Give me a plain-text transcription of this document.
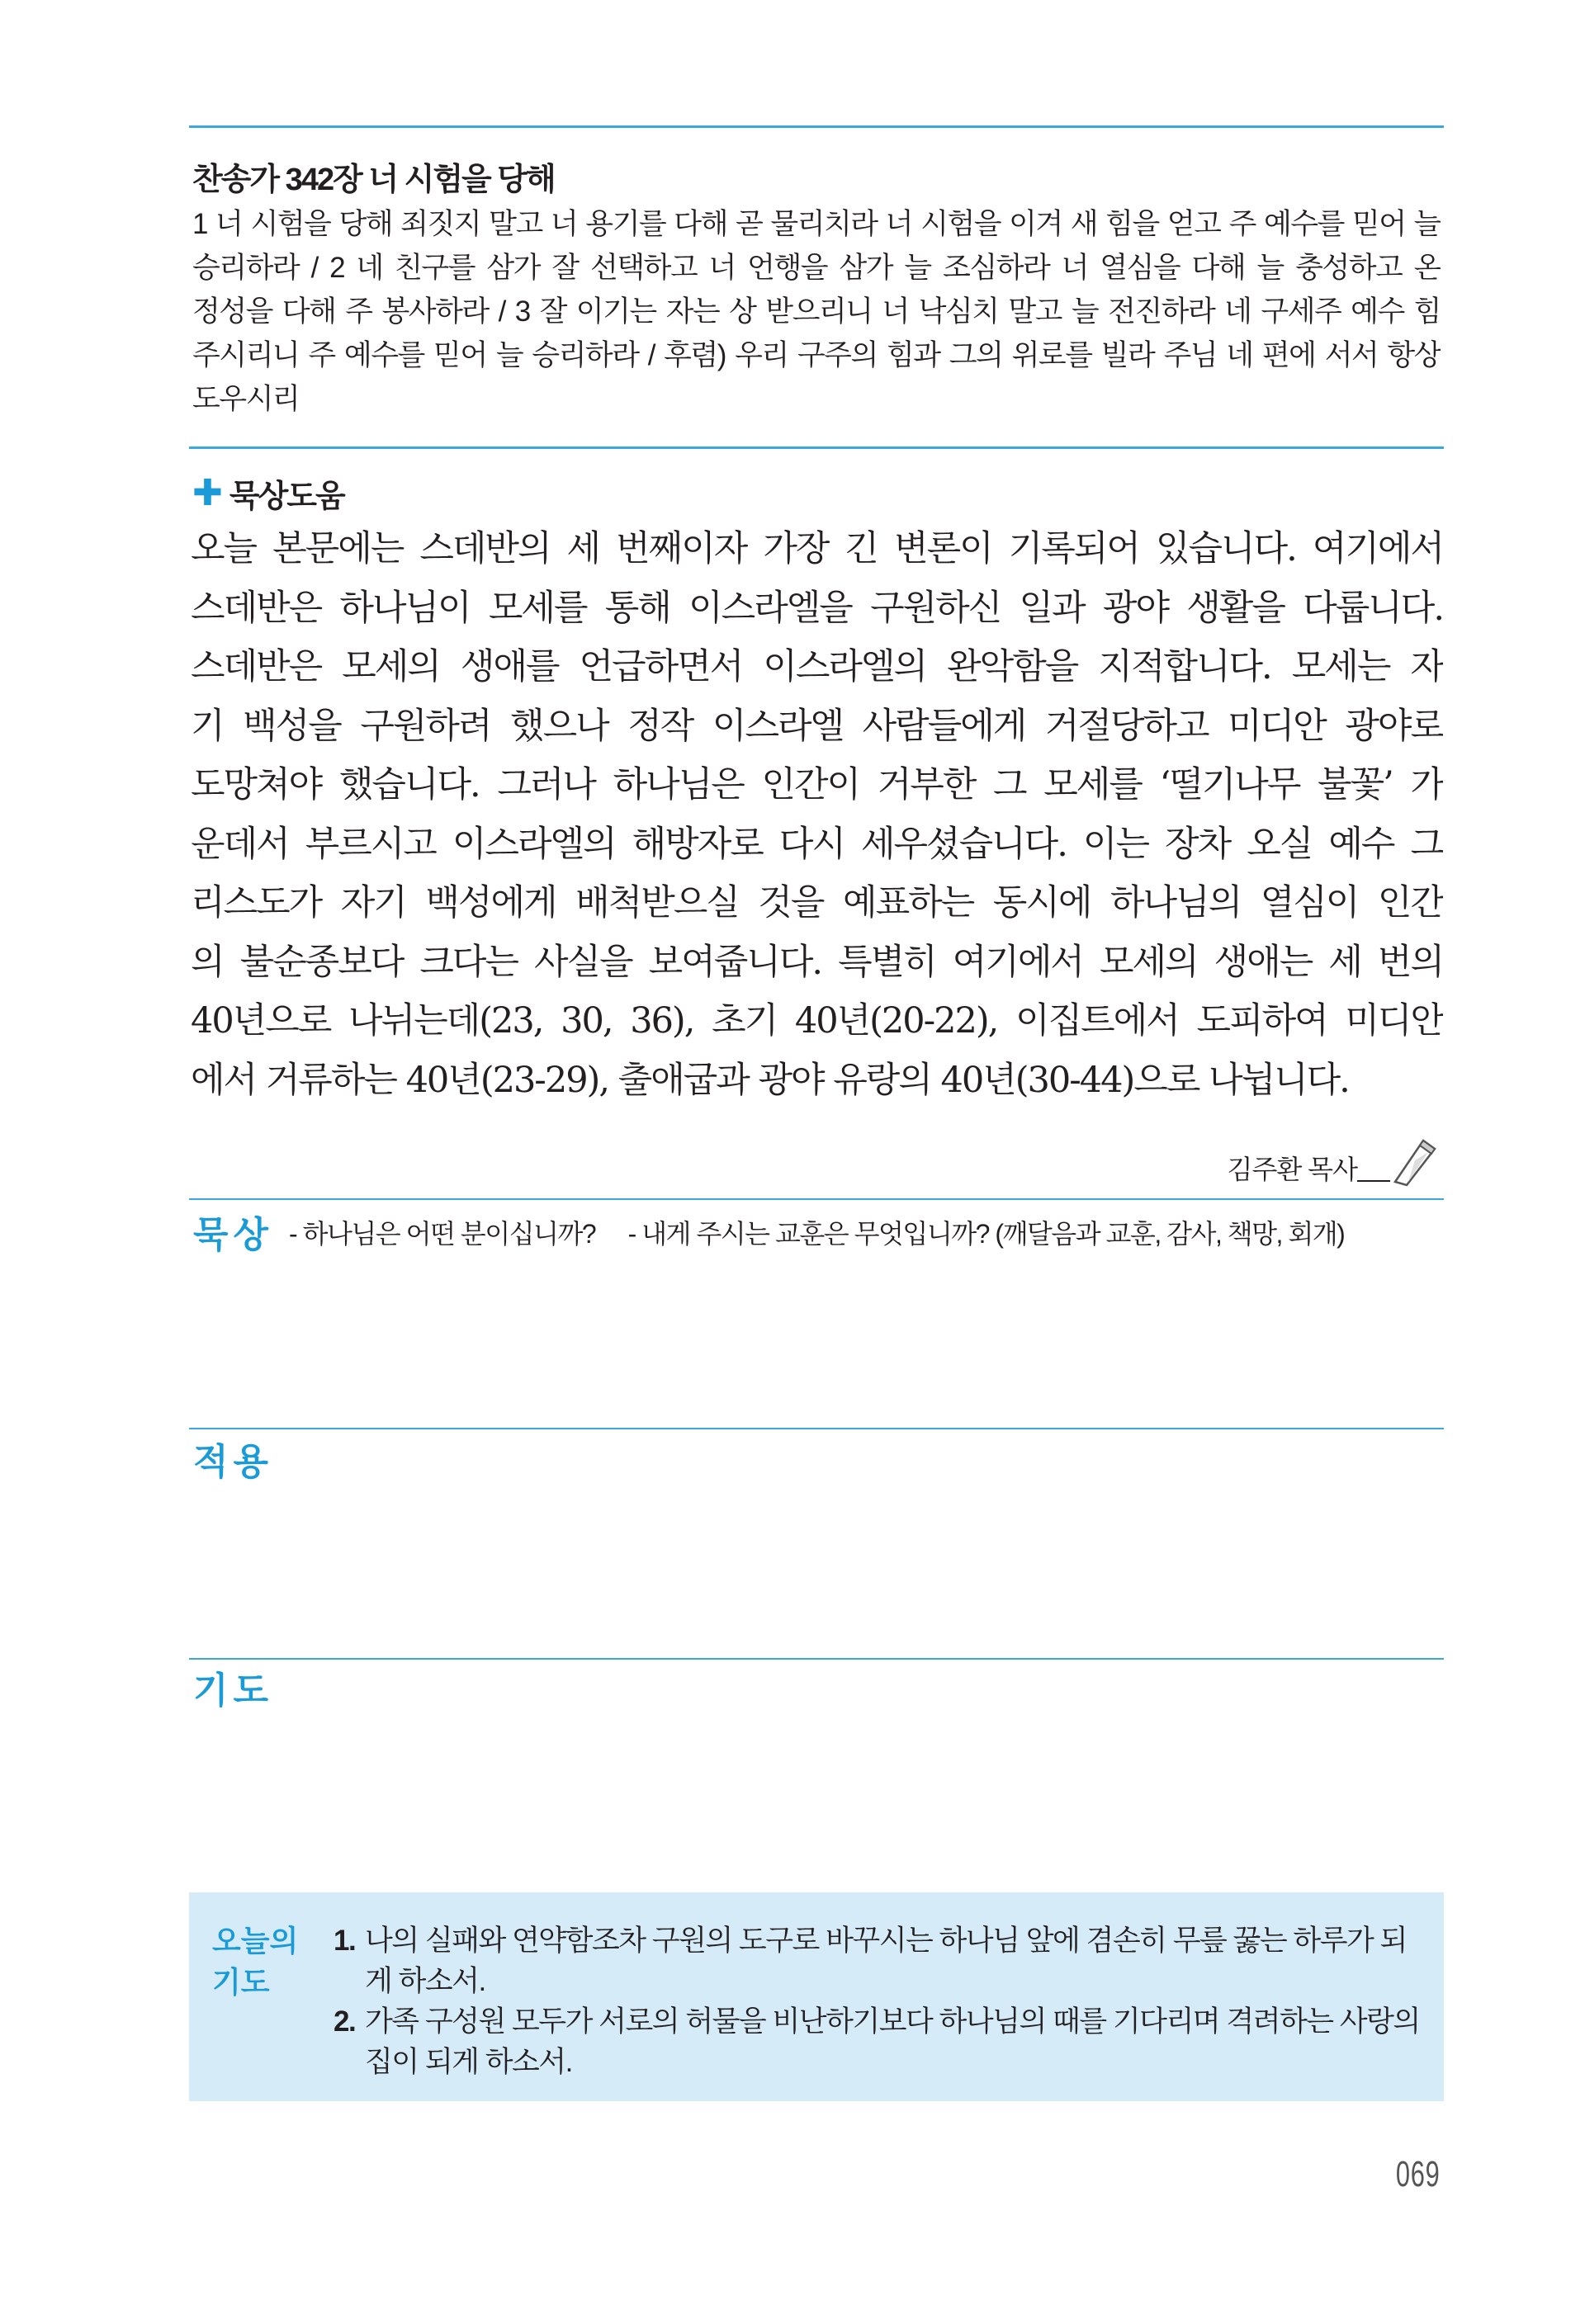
찬송가 342장 너 시험을 당해
1 너 시험을 당해 죄짓지 말고 너 용기를 다해 곧 물리치라 너 시험을 이겨 새 힘을 얻고 주 예수를 믿어 늘
승리하라 / 2 네 친구를 삼가 잘 선택하고 너 언행을 삼가 늘 조심하라 너 열심을 다해 늘 충성하고 온
정성을 다해 주 봉사하라 / 3 잘 이기는 자는 상 받으리니 너 낙심치 말고 늘 전진하라 네 구세주 예수 힘
주시리니 주 예수를 믿어 늘 승리하라 / 후렴) 우리 구주의 힘과 그의 위로를 빌라 주님 네 편에 서서 항상
도우시리
✚ 묵상도움
오늘 본문에는 스데반의 세 번째이자 가장 긴 변론이 기록되어 있습니다. 여기에서
스데반은 하나님이 모세를 통해 이스라엘을 구원하신 일과 광야 생활을 다룹니다.
스데반은 모세의 생애를 언급하면서 이스라엘의 완악함을 지적합니다. 모세는 자
기 백성을 구원하려 했으나 정작 이스라엘 사람들에게 거절당하고 미디안 광야로
도망쳐야 했습니다. 그러나 하나님은 인간이 거부한 그 모세를 ‘떨기나무 불꽃’ 가
운데서 부르시고 이스라엘의 해방자로 다시 세우셨습니다. 이는 장차 오실 예수 그
리스도가 자기 백성에게 배척받으실 것을 예표하는 동시에 하나님의 열심이 인간
의 불순종보다 크다는 사실을 보여줍니다. 특별히 여기에서 모세의 생애는 세 번의
40년으로 나뉘는데(23, 30, 36), 초기 40년(20-22), 이집트에서 도피하여 미디안
에서 거류하는 40년(23-29), 출애굽과 광야 유랑의 40년(30-44)으로 나뉩니다.
김주환 목사
묵상 - 하나님은 어떤 분이십니까? - 내게 주시는 교훈은 무엇입니까? (깨달음과 교훈, 감사, 책망, 회개)
적용
기도
오늘의 기도
1. 나의 실패와 연약함조차 구원의 도구로 바꾸시는 하나님 앞에 겸손히 무릎 꿇는 하루가 되게 하소서.
2. 가족 구성원 모두가 서로의 허물을 비난하기보다 하나님의 때를 기다리며 격려하는 사랑의 집이 되게 하소서.
069
